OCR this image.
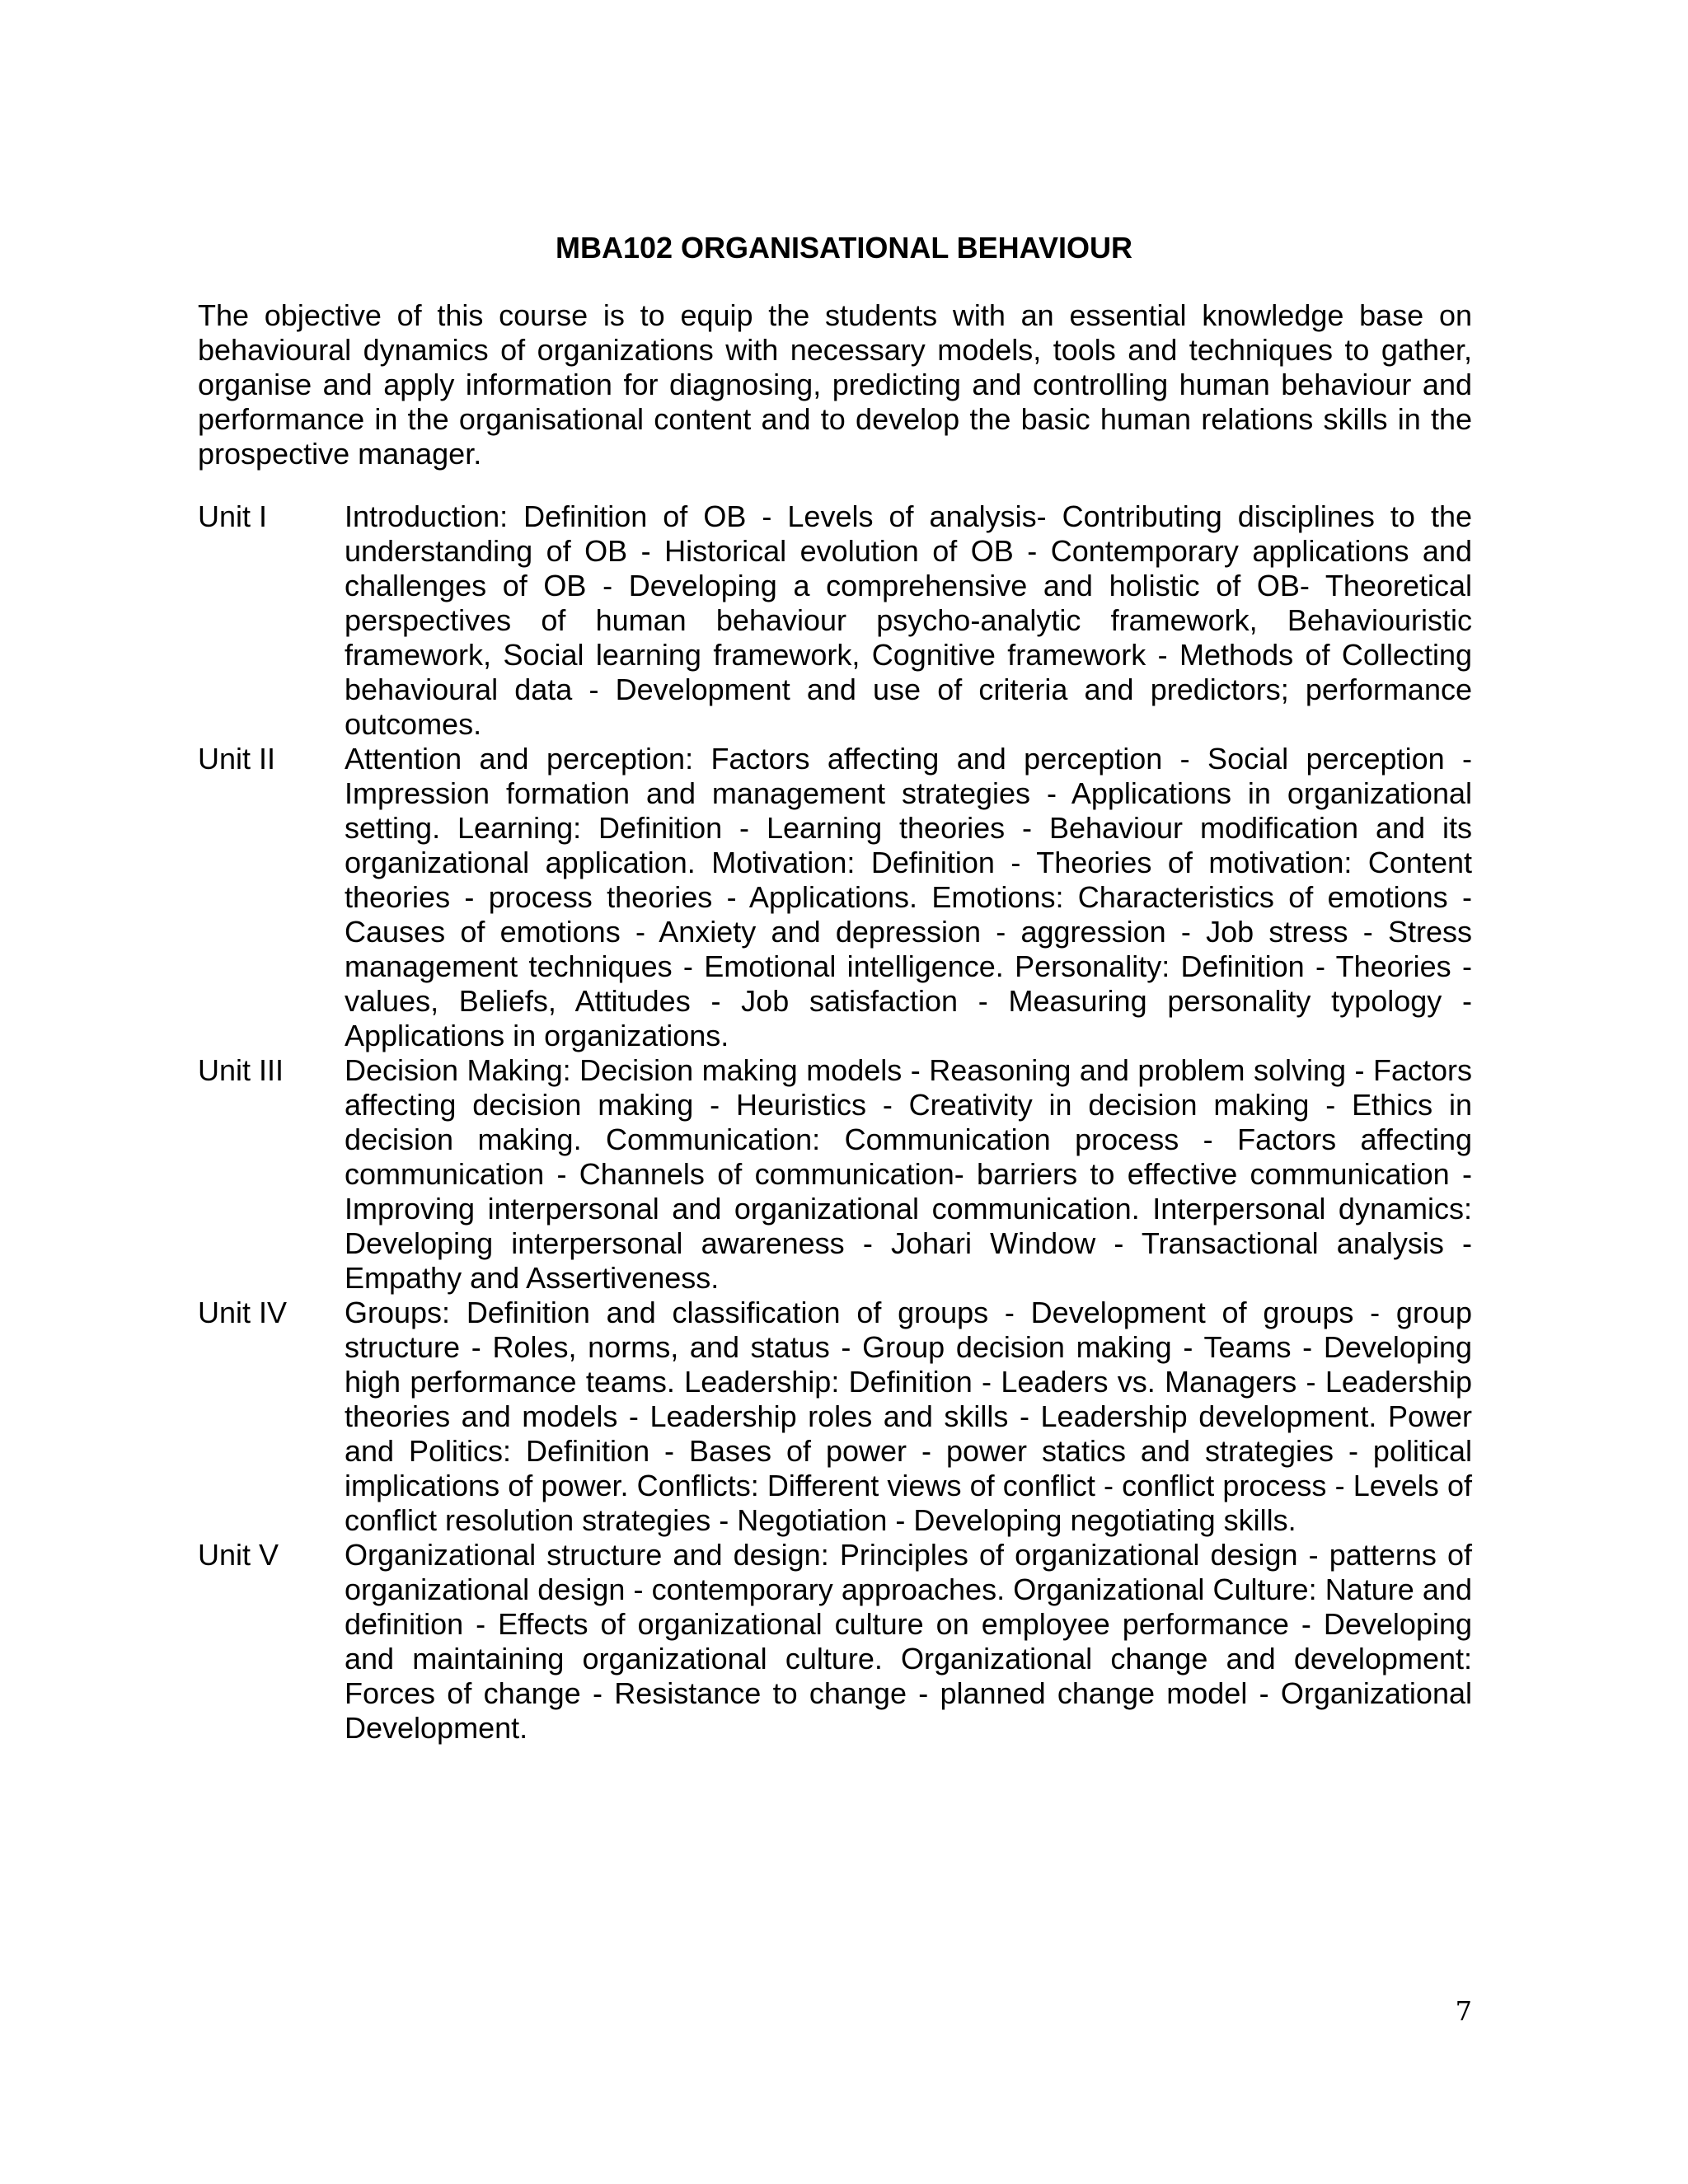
MBA102 ORGANISATIONAL BEHAVIOUR

The objective of this course is to equip the students with an essential knowledge base on behavioural dynamics of organizations with necessary models, tools and techniques to gather, organise and apply information for diagnosing, predicting and controlling human behaviour and performance in the organisational content and to develop the basic human relations skills in the prospective manager.

Unit I	Introduction: Definition of OB - Levels of analysis- Contributing disciplines to the understanding of OB - Historical evolution of OB - Contemporary applications and challenges of OB - Developing a comprehensive and holistic of OB- Theoretical perspectives of human behaviour psycho-analytic framework, Behaviouristic framework, Social learning framework, Cognitive framework - Methods of Collecting behavioural data - Development and use of criteria and predictors; performance outcomes.

Unit II	Attention and perception: Factors affecting and perception - Social perception - Impression formation and management strategies - Applications in organizational setting. Learning: Definition - Learning theories - Behaviour modification and its organizational application. Motivation: Definition - Theories of motivation: Content theories - process theories - Applications. Emotions: Characteristics of emotions - Causes of emotions - Anxiety and depression - aggression - Job stress - Stress management techniques - Emotional intelligence. Personality: Definition - Theories - values, Beliefs, Attitudes - Job satisfaction - Measuring personality typology - Applications in organizations.

Unit III	Decision Making: Decision making models - Reasoning and problem solving - Factors affecting decision making - Heuristics - Creativity in decision making - Ethics in decision making. Communication: Communication process - Factors affecting communication - Channels of communication- barriers to effective communication - Improving interpersonal and organizational communication. Interpersonal dynamics: Developing interpersonal awareness - Johari Window - Transactional analysis - Empathy and Assertiveness.

Unit IV	Groups: Definition and classification of groups - Development of groups - group structure - Roles, norms, and status - Group decision making - Teams - Developing high performance teams. Leadership: Definition - Leaders vs. Managers - Leadership theories and models - Leadership roles and skills - Leadership development. Power and Politics: Definition - Bases of power - power statics and strategies - political implications of power. Conflicts: Different views of conflict - conflict process - Levels of conflict resolution strategies - Negotiation - Developing negotiating skills.

Unit V	Organizational structure and design: Principles of organizational design - patterns of organizational design - contemporary approaches. Organizational Culture: Nature and definition - Effects of organizational culture on employee performance - Developing and maintaining organizational culture. Organizational change and development: Forces of change - Resistance to change - planned change model - Organizational Development.

7
